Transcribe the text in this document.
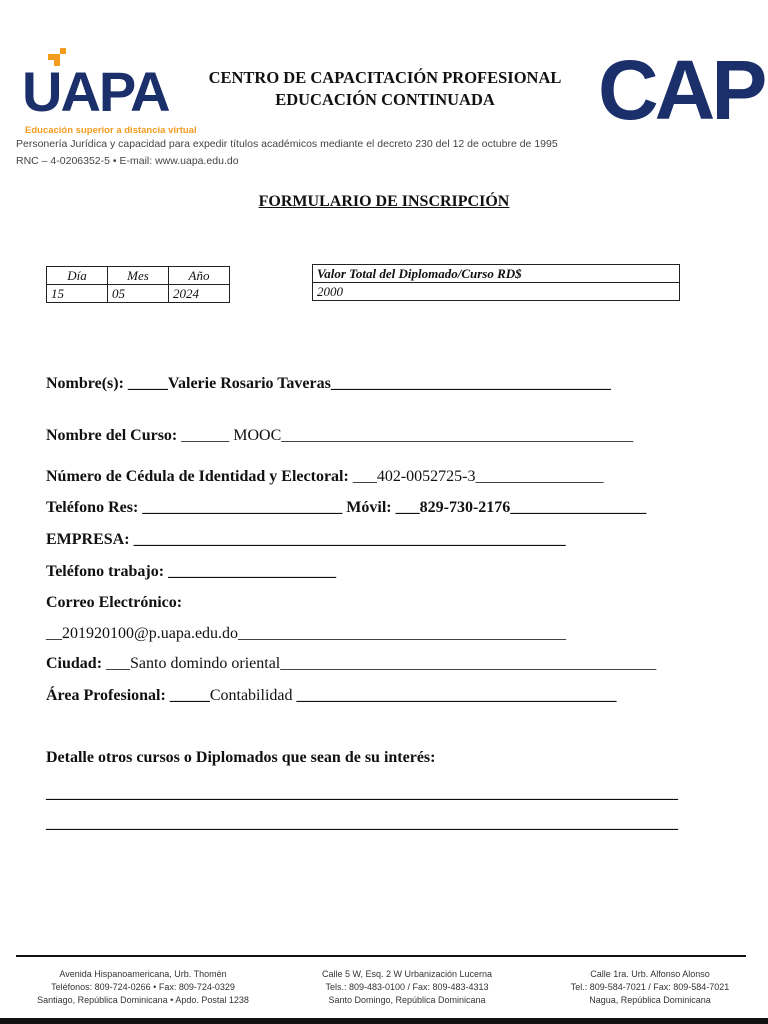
UAPA
Educación superior a distancia virtual
CENTRO DE CAPACITACIÓN PROFESIONAL
EDUCACIÓN CONTINUADA	CAP
Personería Jurídica y capacidad para expedir títulos académicos mediante el decreto 230 del 12 de octubre de 1995
RNC – 4-0206352-5 • E-mail: www.uapa.edu.do
FORMULARIO DE INSCRIPCIÓN
Día	Mes	Año
15	05	2024
Valor Total del Diplomado/Curso RD$
2000
Nombre(s): _____Valerie Rosario Taveras___________________________________
Nombre del Curso: ______ MOOC____________________________________________
Número de Cédula de Identidad y Electoral: ___402-0052725-3________________
Teléfono Res: _________________________ Móvil: ___829-730-2176_________________
EMPRESA: ______________________________________________________
Teléfono trabajo: _____________________
Correo Electrónico:
__201920100@p.uapa.edu.do_________________________________________
Ciudad: ___Santo domindo oriental_______________________________________________
Área Profesional: _____Contabilidad ________________________________________
Detalle otros cursos o Diplomados que sean de su interés:
_______________________________________________________________________________
_______________________________________________________________________________
Avenida Hispanoamericana, Urb. Thomén
Teléfonos: 809-724-0266 • Fax: 809-724-0329
Santiago, República Dominicana • Apdo. Postal 1238
Calle 5 W, Esq. 2 W Urbanización Lucerna
Tels.: 809-483-0100 / Fax: 809-483-4313
Santo Domingo, República Dominicana
Calle 1ra. Urb. Alfonso Alonso
Tel.: 809-584-7021 / Fax: 809-584-7021
Nagua, República Dominicana
